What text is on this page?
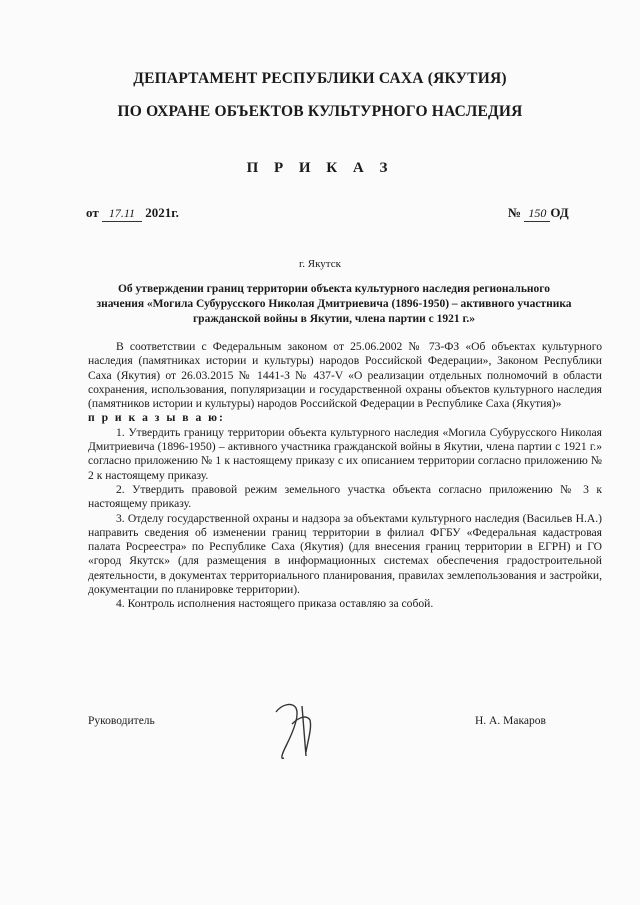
ДЕПАРТАМЕНТ РЕСПУБЛИКИ САХА (ЯКУТИЯ)
ПО ОХРАНЕ ОБЪЕКТОВ КУЛЬТУРНОГО НАСЛЕДИЯ
П Р И К А З
от 17.11 2021г.	№ 150 ОД
г. Якутск
Об утверждении границ территории объекта культурного наследия регионального значения «Могила Субурусского Николая Дмитриевича (1896-1950) – активного участника гражданской войны в Якутии, члена партии с 1921 г.»

В соответствии с Федеральным законом от 25.06.2002 № 73-ФЗ «Об объектах культурного наследия (памятниках истории и культуры) народов Российской Федерации», Законом Республики Саха (Якутия) от 26.03.2015 № 1441-З № 437-V «О реализации отдельных полномочий в области сохранения, использования, популяризации и государственной охраны объектов культурного наследия (памятников истории и культуры) народов Российской Федерации в Республике Саха (Якутия)»

п р и к а з ы в а ю:

1. Утвердить границу территории объекта культурного наследия «Могила Субурусского Николая Дмитриевича (1896-1950) – активного участника гражданской войны в Якутии, члена партии с 1921 г.» согласно приложению № 1 к настоящему приказу с их описанием территории согласно приложению № 2 к настоящему приказу.

2. Утвердить правовой режим земельного участка объекта согласно приложению № 3 к настоящему приказу.

3. Отделу государственной охраны и надзора за объектами культурного наследия (Васильев Н.А.) направить сведения об изменении границ территории в филиал ФГБУ «Федеральная кадастровая палата Росреестра» по Республике Саха (Якутия) (для внесения границ территории в ЕГРН) и ГО «город Якутск» (для размещения в информационных системах обеспечения градостроительной деятельности, в документах территориального планирования, правилах землепользования и застройки, документации по планировке территории).

4. Контроль исполнения настоящего приказа оставляю за собой.

Руководитель	Н. А. Макаров
